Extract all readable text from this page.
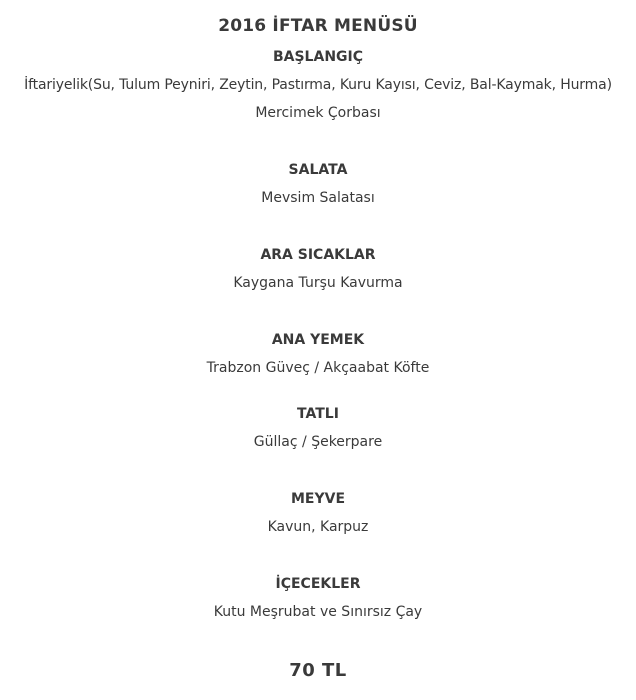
2016 İFTAR MENÜSÜ
BAŞLANGIÇ
İftariyelik(Su, Tulum Peyniri, Zeytin, Pastırma, Kuru Kayısı, Ceviz, Bal-Kaymak, Hurma)
Mercimek Çorbası
SALATA
Mevsim Salatası
ARA SICAKLAR
Kaygana Turşu Kavurma
ANA YEMEK
Trabzon Güveç / Akçaabat Köfte
TATLI
Güllaç / Şekerpare
MEYVE
Kavun, Karpuz
İÇECEKLER
Kutu Meşrubat ve Sınırsız Çay
70 TL
